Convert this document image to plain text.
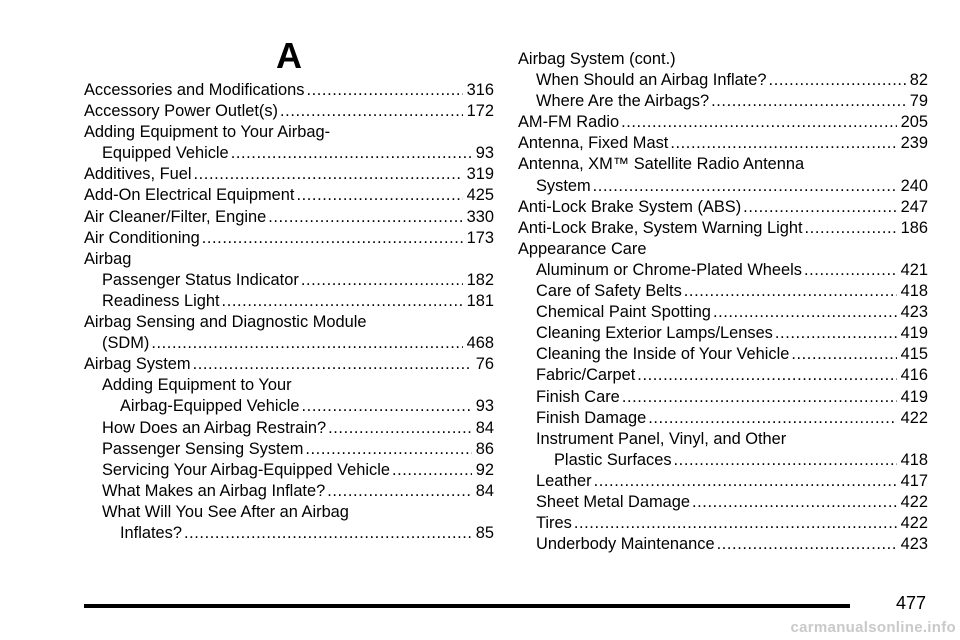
A
Accessories and Modifications .....	316
Accessory Power Outlet(s) .....	172
Adding Equipment to Your Airbag-
Equipped Vehicle .....	93
Additives, Fuel .....	319
Add-On Electrical Equipment .....	425
Air Cleaner/Filter, Engine .....	330
Air Conditioning .....	173
Airbag
Passenger Status Indicator .....	182
Readiness Light .....	181
Airbag Sensing and Diagnostic Module
(SDM) .....	468
Airbag System .....	76
Adding Equipment to Your
Airbag-Equipped Vehicle .....	93
How Does an Airbag Restrain? .....	84
Passenger Sensing System .....	86
Servicing Your Airbag-Equipped Vehicle .....	92
What Makes an Airbag Inflate? .....	84
What Will You See After an Airbag
Inflates? .....	85
Airbag System (cont.)
When Should an Airbag Inflate? .....	82
Where Are the Airbags? .....	79
AM-FM Radio .....	205
Antenna, Fixed Mast .....	239
Antenna, XM™ Satellite Radio Antenna
System .....	240
Anti-Lock Brake System (ABS) .....	247
Anti-Lock Brake, System Warning Light .....	186
Appearance Care
Aluminum or Chrome-Plated Wheels .....	421
Care of Safety Belts .....	418
Chemical Paint Spotting .....	423
Cleaning Exterior Lamps/Lenses .....	419
Cleaning the Inside of Your Vehicle .....	415
Fabric/Carpet .....	416
Finish Care .....	419
Finish Damage .....	422
Instrument Panel, Vinyl, and Other
Plastic Surfaces .....	418
Leather .....	417
Sheet Metal Damage .....	422
Tires .....	422
Underbody Maintenance .....	423
477
carmanualsonline.info
